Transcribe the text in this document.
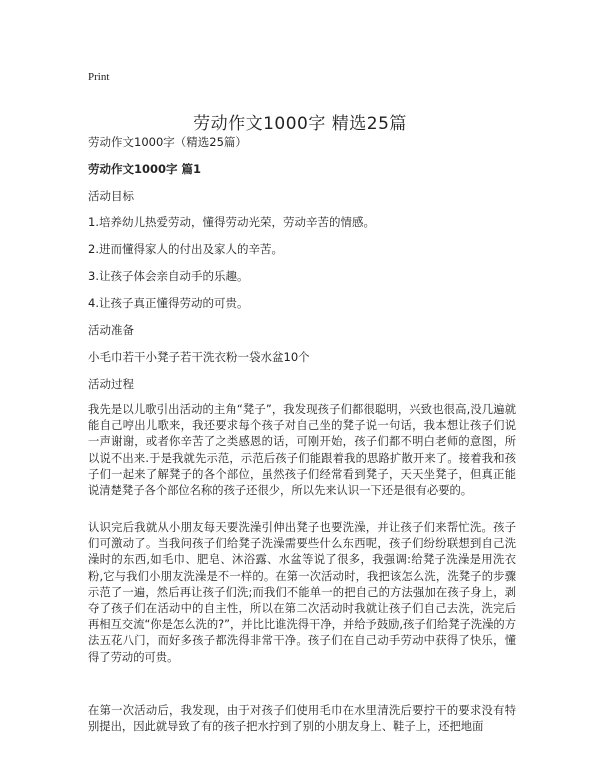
Print
劳动作文1000字 精选25篇
劳动作文1000字（精选25篇）
劳动作文1000字 篇1
活动目标
1.培养幼儿热爱劳动，懂得劳动光荣，劳动辛苦的情感。
2.进而懂得家人的付出及家人的辛苦。
3.让孩子体会亲自动手的乐趣。
4.让孩子真正懂得劳动的可贵。
活动准备
小毛巾若干小凳子若干洗衣粉一袋水盆10个
活动过程

我先是以儿歌引出活动的主角“凳子”，我发现孩子们都很聪明，兴致也很高,没几遍就能自己哼出儿歌来，我还要求每个孩子对自己坐的凳子说一句话，我本想让孩子们说一声谢谢，或者你辛苦了之类感恩的话，可刚开始，孩子们都不明白老师的意图，所以说不出来.于是我就先示范，示范后孩子们能跟着我的思路扩散开来了。接着我和孩子们一起来了解凳子的各个部位，虽然孩子们经常看到凳子，天天坐凳子，但真正能说清楚凳子各个部位名称的孩子还很少，所以先来认识一下还是很有必要的。

认识完后我就从小朋友每天要洗澡引伸出凳子也要洗澡，并让孩子们来帮忙洗。孩子们可激动了。当我问孩子们给凳子洗澡需要些什么东西呢，孩子们纷纷联想到自己洗澡时的东西,如毛巾、肥皂、沐浴露、水盆等说了很多，我强调:给凳子洗澡是用洗衣粉,它与我们小朋友洗澡是不一样的。在第一次活动时，我把该怎么洗，洗凳子的步骤示范了一遍，然后再让孩子们洗;而我们不能单一的把自己的方法强加在孩子身上，剥夺了孩子们在活动中的自主性，所以在第二次活动时我就让孩子们自己去洗，洗完后再相互交流“你是怎么洗的?”，并比比谁洗得干净，并给予鼓励,孩子们给凳子洗澡的方法五花八门，而好多孩子都洗得非常干净。孩子们在自己动手劳动中获得了快乐，懂得了劳动的可贵。

在第一次活动后，我发现，由于对孩子们使用毛巾在水里清洗后要拧干的要求没有特别提出，因此就导致了有的孩子把水拧到了别的小朋友身上、鞋子上，还把地面
